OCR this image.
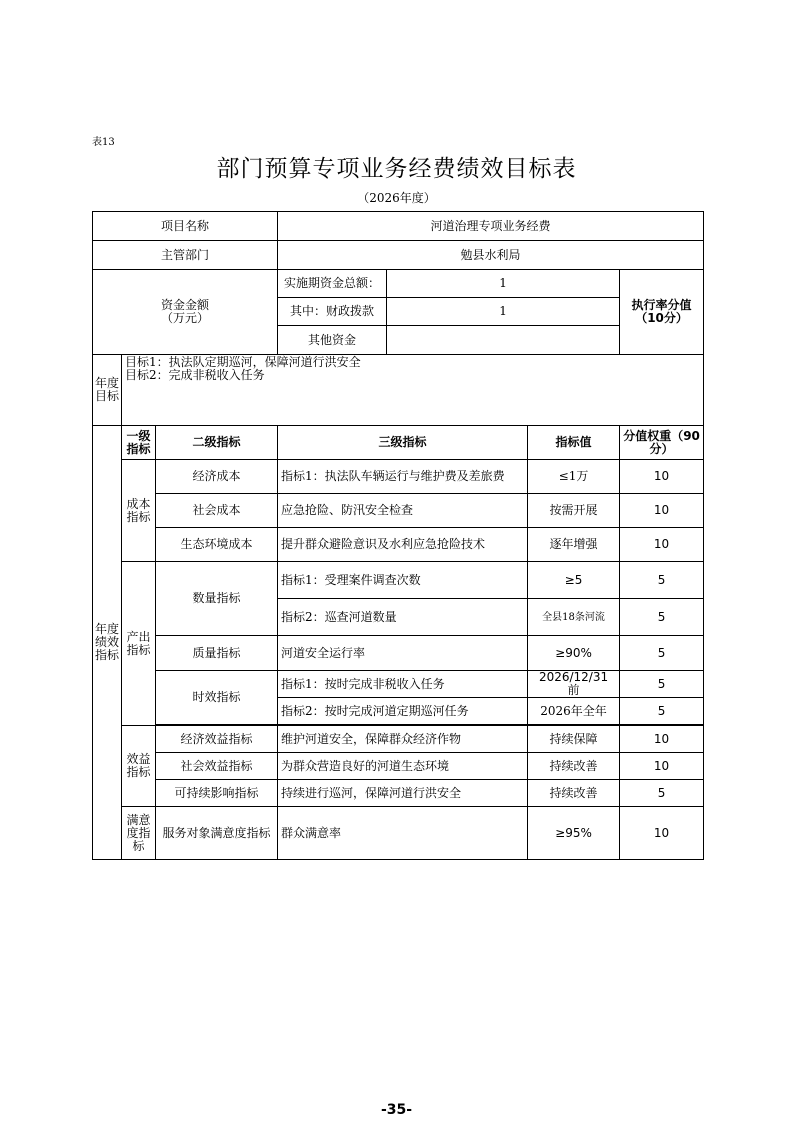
表13
部门预算专项业务经费绩效目标表
（2026年度）
项目名称			河道治理专项业务经费			
主管部门			勉县水利局			

资金金额
（万元）			实施期资金总额：	1		执行率分值（10分）
			其中：财政拨款	1		
			其他资金			
年度目标	目标1：执法队定期巡河，保障河道行洪安全
目标2：完成非税收入任务					

年度绩效指标	一级指标	二级指标	三级指标		指标值	分值权重（90分）
	成本指标	经济成本	指标1：执法队车辆运行与维护费及差旅费		≤1万	10
		社会成本	应急抢险、防汛安全检查		按需开展	10
		生态环境成本	提升群众避险意识及水利应急抢险技术		逐年增强	10
	产出指标	数量指标	指标1：受理案件调查次数		≥5	5
			指标2：巡查河道数量		全县18条河流	5
		质量指标	河道安全运行率		≥90%	5
		时效指标	指标1：按时完成非税收入任务		2026/12/31
前	5
			指标2：按时完成河道定期巡河任务		2026年全年	5

	效益指标	经济效益指标	维护河道安全，保障群众经济作物		持续保障	10
		社会效益指标	为群众营造良好的河道生态环境		持续改善	10
		可持续影响指标	持续进行巡河，保障河道行洪安全		持续改善	5
	满意度指标	服务对象满意度指标	群众满意率		≥95%	10
-35-
